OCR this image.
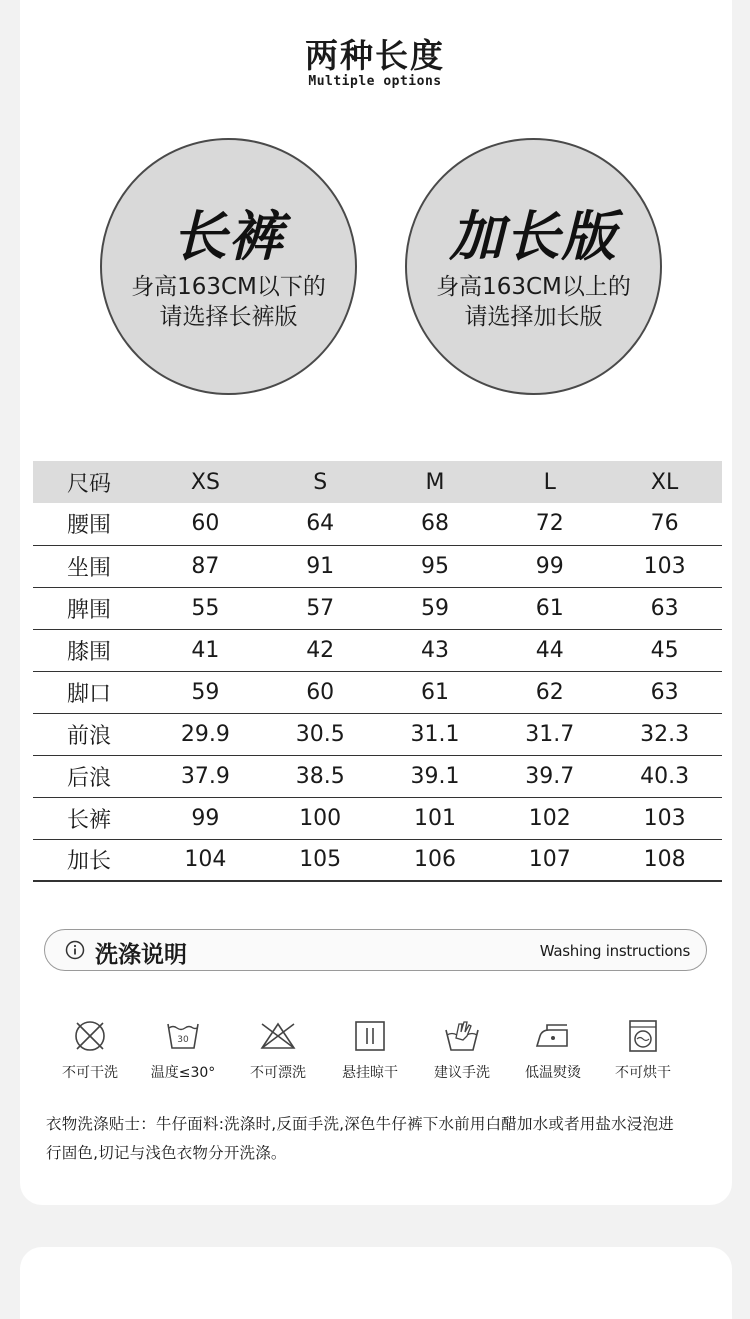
两种长度
Multiple options
长裤
身高163CM以下的
请选择长裤版
加长版
身高163CM以上的
请选择加长版
尺码	XS	S	M	L	XL
腰围	60	64	68	72	76
坐围	87	91	95	99	103
脾围	55	57	59	61	63
膝围	41	42	43	44	45
脚口	59	60	61	62	63
前浪	29.9	30.5	31.1	31.7	32.3
后浪	37.9	38.5	39.1	39.7	40.3
长裤	99	100	101	102	103
加长	104	105	106	107	108
洗涤说明	Washing instructions
不可干洗
30
温度≤30°	不可漂洗	悬挂晾干	建议手洗	低温熨烫	不可烘干
衣物洗涤贴士：牛仔面料:洗涤时,反面手洗,深色牛仔裤下水前用白醋加水或者用盐水浸泡进
行固色,切记与浅色衣物分开洗涤。
